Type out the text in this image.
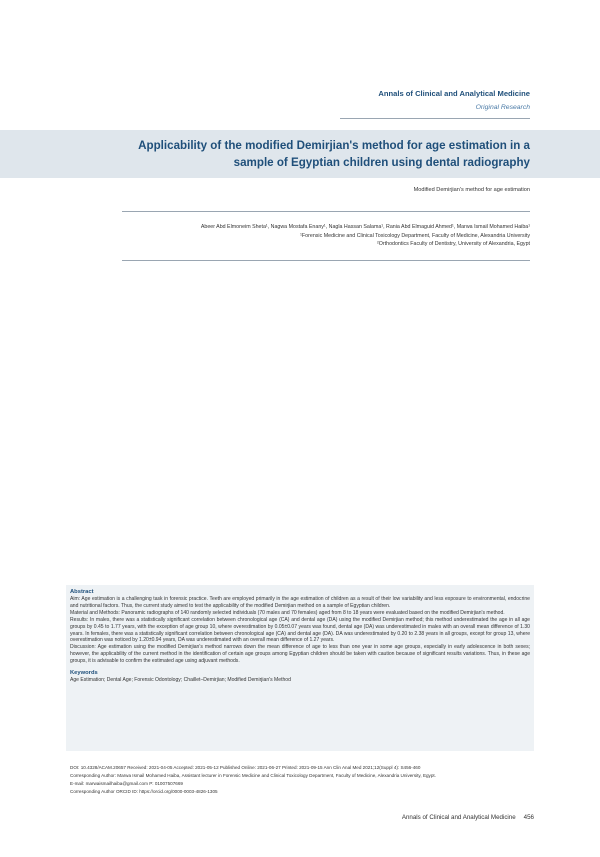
Annals of Clinical and Analytical Medicine
Original Research
Applicability of the modified Demirjian's method for age estimation in a
sample of Egyptian children using dental radiography
Modified Demirjian's method for age estimation
Abeer Abd Elmoneim Sheta¹, Nagwa Mostafa Enany¹, Nagla Hassan Salama¹, Rania Abd Elmaguid Ahmed¹, Marwa Ismail Mohamed Haiba¹
¹Forensic Medicine and Clinical Toxicology Department, Faculty of Medicine, Alexandria University
²Orthodontics Faculty of Dentistry, University of Alexandria, Egypt

Abstract

Aim: Age estimation is a challenging task in forensic practice. Teeth are employed primarily in the age estimation of children as a result of their low variability and less exposure to environmental, endocrine and nutritional factors. Thus, the current study aimed to test the applicability of the modified Demirjian method on a sample of Egyptian children.

Material and Methods: Panoramic radiographs of 140 randomly selected individuals (70 males and 70 females) aged from 8 to 18 years were evaluated based on the modified Demirjian's method.

Results: In males, there was a statistically significant correlation between chronological age (CA) and dental age (DA) using the modified Demirjian method; this method underestimated the age in all age groups by 0.45 to 1.77 years, with the exception of age group 10, where overestimation by 0.05±0.07 years was found, dental age (DA) was underestimated in males with an overall mean difference of 1.30 years. In females, there was a statistically significant correlation between chronological age (CA) and dental age (DA). DA was underestimated by 0.20 to 2.38 years in all groups, except for group 13, where overestimation was noticed by 1.20±0.94 years, DA was underestimated with an overall mean difference of 1.27 years.

Discussion: Age estimation using the modified Demirjian's method narrows down the mean difference of age to less than one year in some age groups, especially in early adolescence in both sexes; however, the applicability of the current method in the identification of certain age groups among Egyptian children should be taken with caution because of significant results variations. Thus, in these age groups, it is advisable to confirm the estimated age using adjuvant methods.

Keywords

Age Estimation; Dental Age; Forensic Odontology; Chaillet–Demirjian; Modified Demirjian's Method

DOI: 10.4328/ACAM.20657 Received: 2021-04-05 Accepted: 2021-05-12 Published Online: 2021-06-27 Printed: 2021-09-15 Ann Clin Anal Med 2021;12(Suppl 4): S456-460
Corresponding Author: Marwa Ismail Mohamed Haiba, Assistant lecturer in Forensic Medicine and Clinical Toxicology Department, Faculty of Medicine, Alexandria University, Egypt.
E-mail: marwaismailhaiba@gmail.com P: 01007507669
Corresponding Author ORCID ID: https://orcid.org/0000-0003-4826-1305
Annals of Clinical and Analytical Medicine 456
